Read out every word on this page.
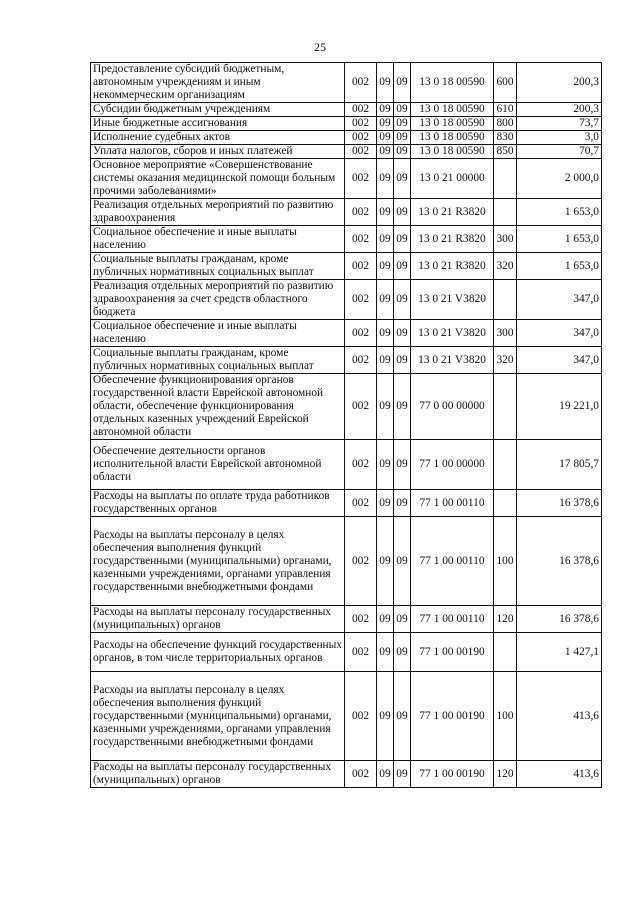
25
Предоставление субсидий бюджетным, автономным учреждениям и иным некоммерческим организациям	002	09	09	13 0 18 00590	600	200,3
Субсидии бюджетным учреждениям	002	09	09	13 0 18 00590	610	200,3
Иные бюджетные ассигнования	002	09	09	13 0 18 00590	800	73,7
Исполнение судебных актов	002	09	09	13 0 18 00590	830	3,0
Уплата налогов, сборов и иных платежей	002	09	09	13 0 18 00590	850	70,7
Основное мероприятие «Совершенствование системы оказания медицинской помощи больным прочими заболеваниями»	002	09	09	13 0 21 00000		2 000,0
Реализация отдельных мероприятий по развитию здравоохранения	002	09	09	13 0 21 R3820		1 653,0
Социальное обеспечение и иные выплаты населению	002	09	09	13 0 21 R3820	300	1 653,0
Социальные выплаты гражданам, кроме публичных нормативных социальных выплат	002	09	09	13 0 21 R3820	320	1 653,0
Реализация отдельных мероприятий по развитию здравоохранения за счет средств областного бюджета	002	09	09	13 0 21 V3820		347,0
Социальное обеспечение и иные выплаты населению	002	09	09	13 0 21 V3820	300	347,0
Социальные выплаты гражданам, кроме публичных нормативных социальных выплат	002	09	09	13 0 21 V3820	320	347,0
Обеспечение функционирования органов государственной власти Еврейской автономной области, обеспечение функционирования отдельных казенных учреждений Еврейской автономной области	002	09	09	77 0 00 00000		19 221,0
Обеспечение деятельности органов исполнительной власти Еврейской автономной области	002	09	09	77 1 00 00000		17 805,7
Расходы на выплаты по оплате труда работников государственных органов	002	09	09	77 1 00 00110		16 378,6
Расходы на выплаты персоналу в целях обеспечения выполнения функций государственными (муниципальными) органами, казенными учреждениями, органами управления государственными внебюджетными фондами	002	09	09	77 1 00 00110	100	16 378,6
Расходы на выплаты персоналу государственных (муниципальных) органов	002	09	09	77 1 00 00110	120	16 378,6
Расходы на обеспечение функций государственных органов, в том числе территориальных органов	002	09	09	77 1 00 00190		1 427,1
Расходы иа выплаты персоналу в целях обеспечения выполнения функций государственными (муниципальными) органами, казенными учреждениями, органами управления государственными внебюджетными фондами	002	09	09	77 1 00 00190	100	413,6
Расходы на выплаты персоналу государственных (муниципальных) органов	002	09	09	77 1 00 00190	120	413,6
